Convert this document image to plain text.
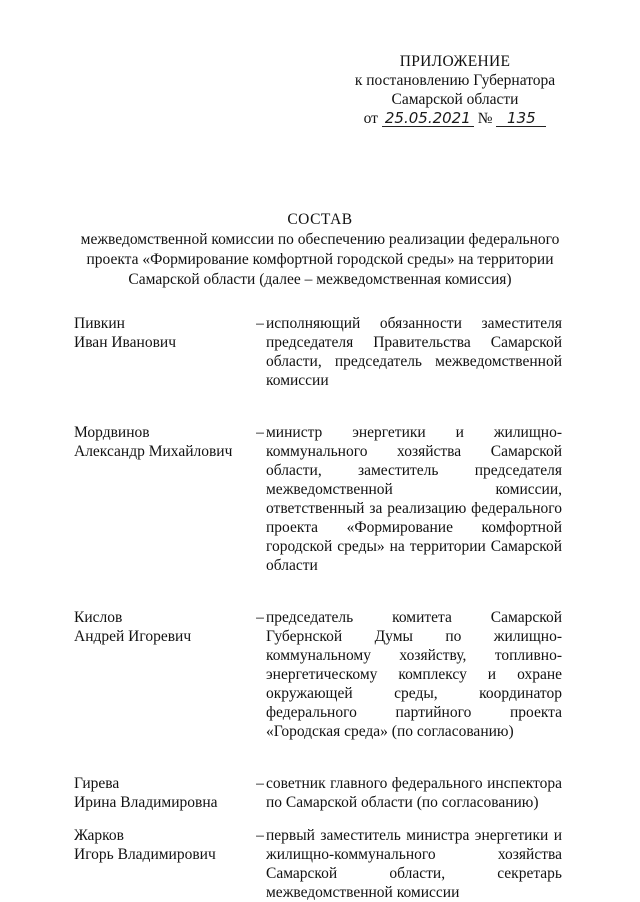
ПРИЛОЖЕНИЕ
к постановлению Губернатора
Самарской области
от 25.05.2021 № 135
СОСТАВ
межведомственной комиссии по обеспечению реализации федерального
проекта «Формирование комфортной городской среды» на территории
Самарской области (далее – межведомственная комиссия)
Пивкин
Иван Иванович
– исполняющий обязанности заместителя председателя Правительства Самарской области, председатель межведомственной комиссии

Мордвинов
Александр Михайлович
– министр энергетики и жилищно-коммунального хозяйства Самарской области, заместитель председателя межведомственной комиссии, ответственный за реализацию федерального проекта «Формирование комфортной городской среды» на территории Самарской области

Кислов
Андрей Игоревич
– председатель комитета Самарской Губернской Думы по жилищно-коммунальному хозяйству, топливно-энергетическому комплексу и охране окружающей среды, координатор федерального партийного проекта «Городская среда» (по согласованию)

Гирева
Ирина Владимировна
– советник главного федерального инспектора по Самарской области (по согласованию)

Жарков
Игорь Владимирович
– первый заместитель министра энергетики и жилищно-коммунального хозяйства Самарской области, секретарь межведомственной комиссии
